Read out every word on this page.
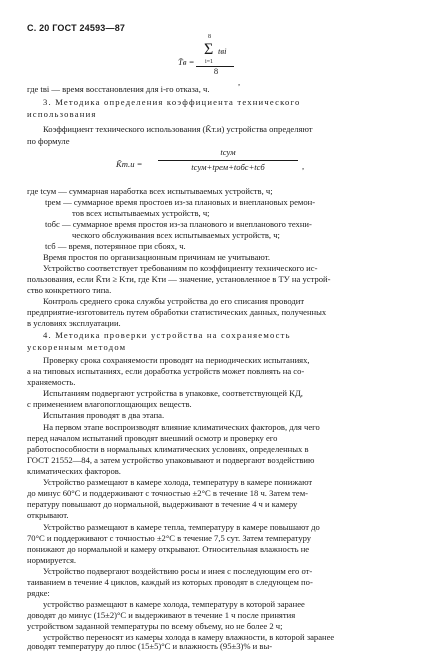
С. 20 ГОСТ 24593—87
T̄в =
8
Σ
i=1
tвi
8
,
где tвi — время восстановления для i-го отказа, ч.
3. Методика определения коэффициента технического
использования
Коэффициент технического использования (K̃т.и) устройства определяют
по формуле
K̃т.и =
tсум
tсум+tрем+tобс+tсб	,
где tсум — суммарная наработка всех испытываемых устройств, ч;
tрем — суммарное время простоев из-за плановых и внеплановых ремон-
тов всех испытываемых устройств, ч;
tобс — суммарное время простоя из-за планового и внепланового техни-
ческого обслуживания всех испытываемых устройств, ч;
tсб — время, потерянное при сбоях, ч.
Время простоя по организационным причинам не учитывают.
Устройство соответствует требованиям по коэффициенту технического ис-
пользования, если K̃ти ≥ Kти, где Kти — значение, установленное в ТУ на устрой-
ство конкретного типа.
Контроль среднего срока службы устройства до его списания проводит
предприятие-изготовитель путем обработки статистических данных, полученных
в условиях эксплуатации.
4. Методика проверки устройства на сохраняемость
ускоренным методом
Проверку срока сохраняемости проводят на периодических испытаниях,
а на типовых испытаниях, если доработка устройств может повлиять на со-
храняемость.
Испытаниям подвергают устройства в упаковке, соответствующей КД,
с применением влагопоглощающих веществ.
Испытания проводят в два этапа.
На первом этапе воспроизводят влияние климатических факторов, для чего
перед началом испытаний проводят внешний осмотр и проверку его
работоспособности в нормальных климатических условиях, определенных в
ГОСТ 21552—84, а затем устройство упаковывают и подвергают воздействию
климатических факторов.
Устройство размещают в камере холода, температуру в камере понижают
до минус 60°С и поддерживают с точностью ±2°С в течение 18 ч. Затем тем-
пературу повышают до нормальной, выдерживают в течение 4 ч и камеру
открывают.
Устройство размещают в камере тепла, температуру в камере повышают до
70°С и поддерживают с точностью ±2°С в течение 7,5 сут. Затем температуру
понижают до нормальной и камеру открывают. Относительная влажность не
нормируется.
Устройство подвергают воздействию росы и инея с последующим его от-
таиванием в течение 4 циклов, каждый из которых проводят в следующем по-
рядке:
устройство размещают в камере холода, температуру в которой заранее
доводят до минус (15±2)°С и выдерживают в течение 1 ч после принятия
устройством заданной температуры по всему объему, но не более 2 ч;
устройство переносят из камеры холода в камеру влажности, в которой заранее
доводят температуру до плюс (15±5)°С и влажность (95±3)% и вы-
